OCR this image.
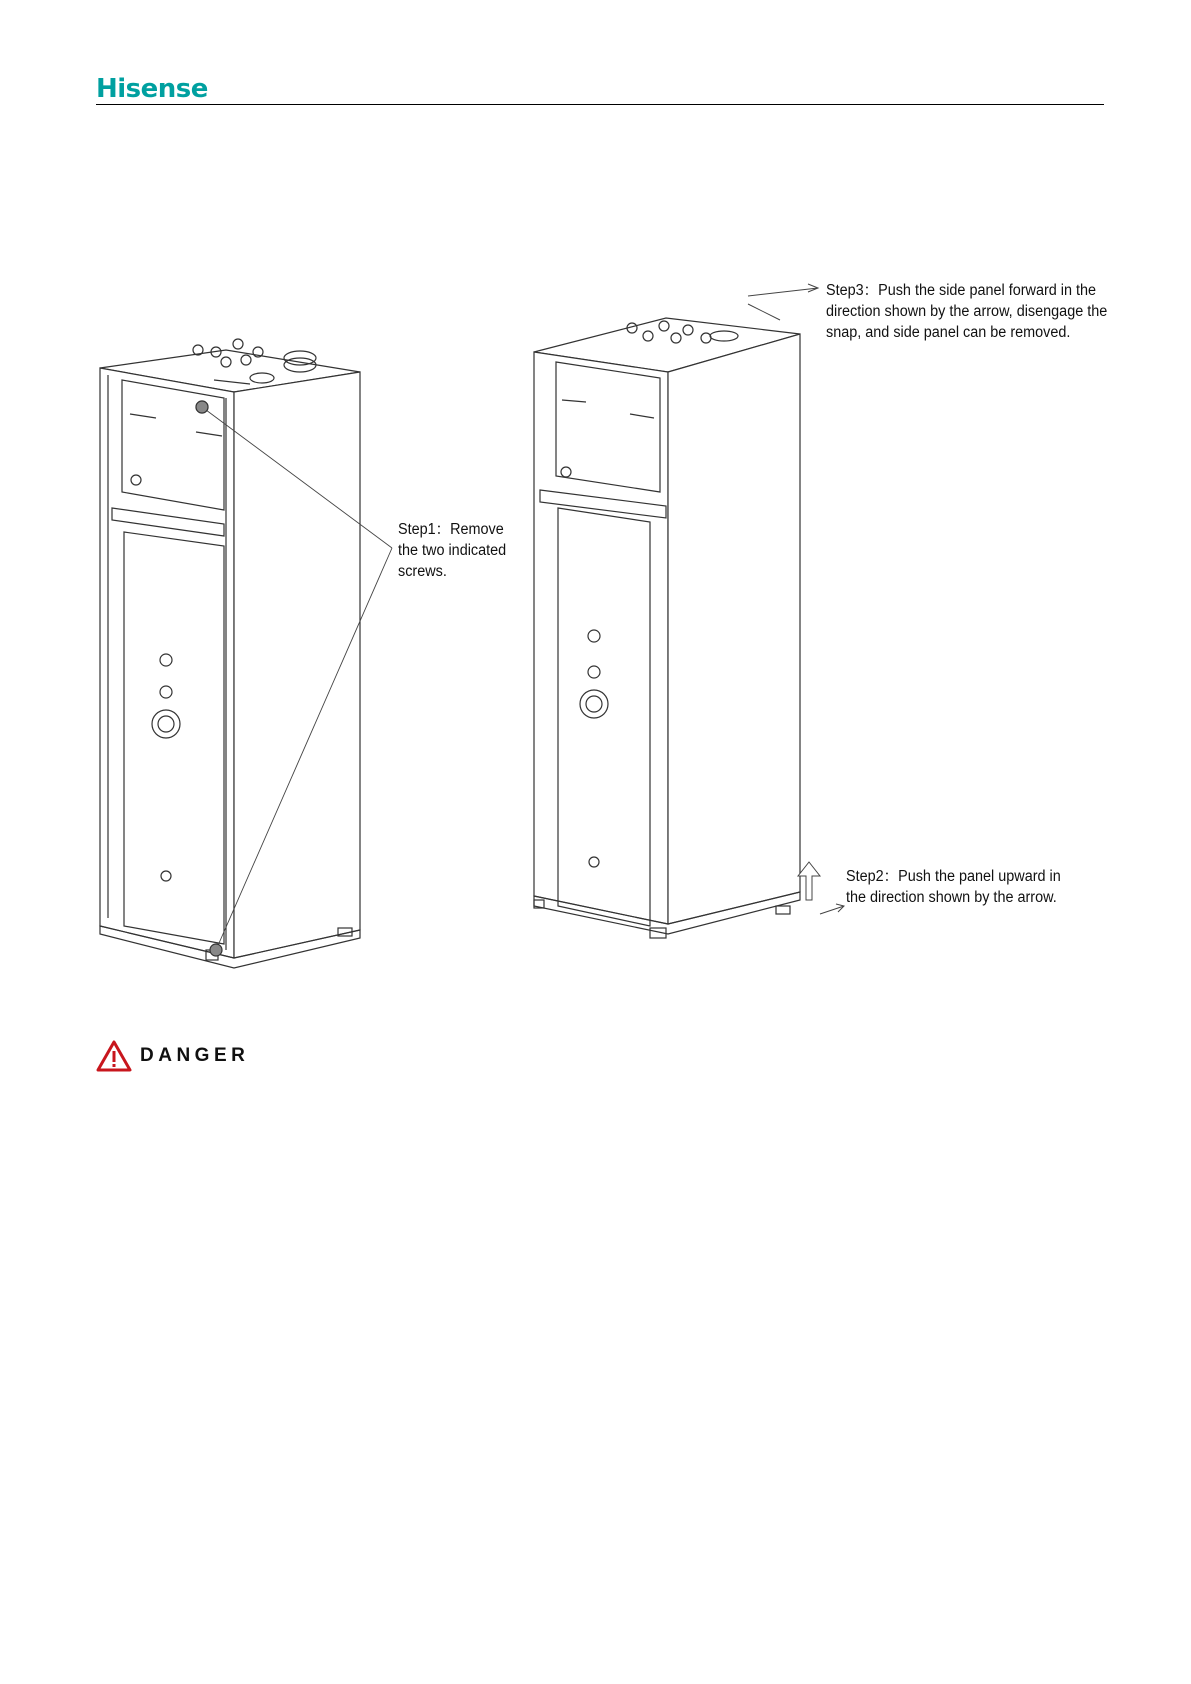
Hisense
Step1：Remove the two indicated screws.
Step3：Push the side panel forward in the direction shown by the arrow, disengage the snap, and side panel can be removed.
Step2：Push the panel upward in the direction shown by the arrow.
DANGER
